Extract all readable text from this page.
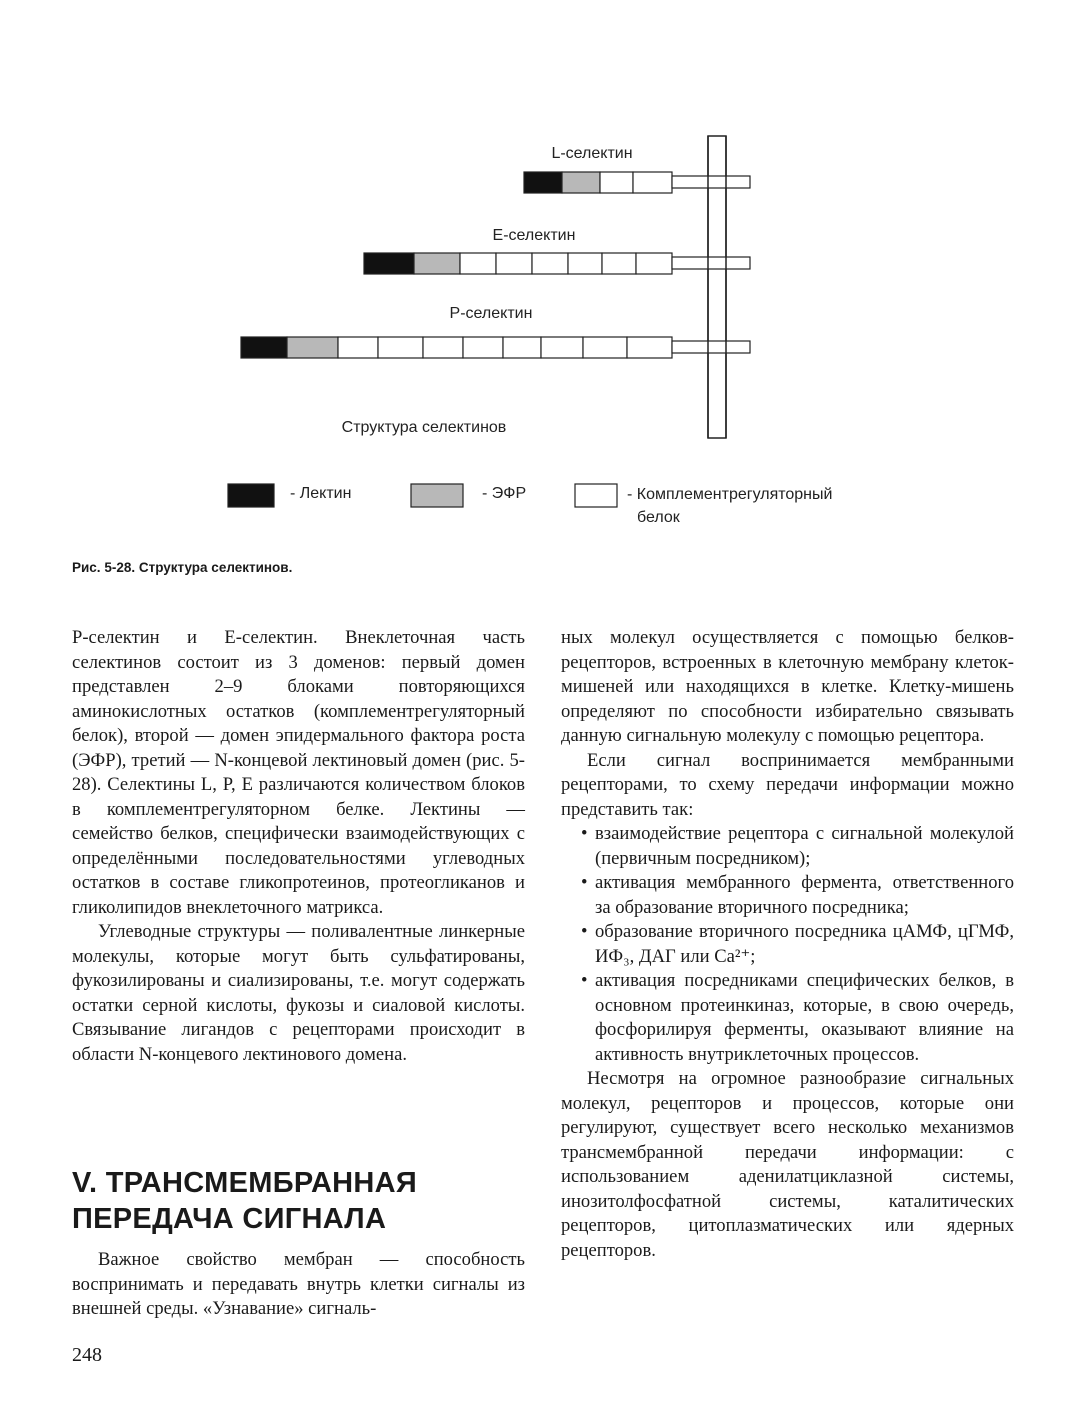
L-селектин
E-селектин
P-селектин
Структура селектинов
- Лектин	- ЭФР	- Комплементрегуляторный
белок
Рис. 5-28. Структура селектинов.

P-селектин и E-селектин. Внеклеточная часть селектинов состоит из 3 доменов: первый домен представлен 2–9 блоками повторяющихся аминокислотных остатков (комплементрегуляторный белок), второй — домен эпидермального фактора роста (ЭФР), третий — N-концевой лектиновый домен (рис. 5-28). Селектины L, P, E различаются количеством блоков в комплементрегуляторном белке. Лектины — семейство белков, специфически взаимодействующих с определёнными последовательностями углеводных остатков в составе гликопротеинов, протеогликанов и гликолипидов внеклеточного матрикса.

Углеводные структуры — поливалентные линкерные молекулы, которые могут быть сульфатированы, фукозилированы и сиализированы, т.е. могут содержать остатки серной кислоты, фукозы и сиаловой кислоты. Связывание лигандов с рецепторами происходит в области N-концевого лектинового домена.

V. ТРАНСМЕМБРАННАЯ
ПЕРЕДАЧА СИГНАЛА

Важное свойство мембран — способность воспринимать и передавать внутрь клетки сигналы из внешней среды. «Узнавание» сигналь-

ных молекул осуществляется с помощью белков-рецепторов, встроенных в клеточную мембрану клеток-мишеней или находящихся в клетке. Клетку-мишень определяют по способности избирательно связывать данную сигнальную молекулу с помощью рецептора.

Если сигнал воспринимается мембранными рецепторами, то схему передачи информации можно представить так:

• взаимодействие рецептора с сигнальной молекулой (первичным посредником);
• активация мембранного фермента, ответственного за образование вторичного посредника;
• образование вторичного посредника цАМФ, цГМФ, ИФ₃, ДАГ или Ca²⁺;
• активация посредниками специфических белков, в основном протеинкиназ, которые, в свою очередь, фосфорилируя ферменты, оказывают влияние на активность внутриклеточных процессов.

Несмотря на огромное разнообразие сигнальных молекул, рецепторов и процессов, которые они регулируют, существует всего несколько механизмов трансмембранной передачи информации: с использованием аденилатциклазной системы, инозитолфосфатной системы, каталитических рецепторов, цитоплазматических или ядерных рецепторов.

248
